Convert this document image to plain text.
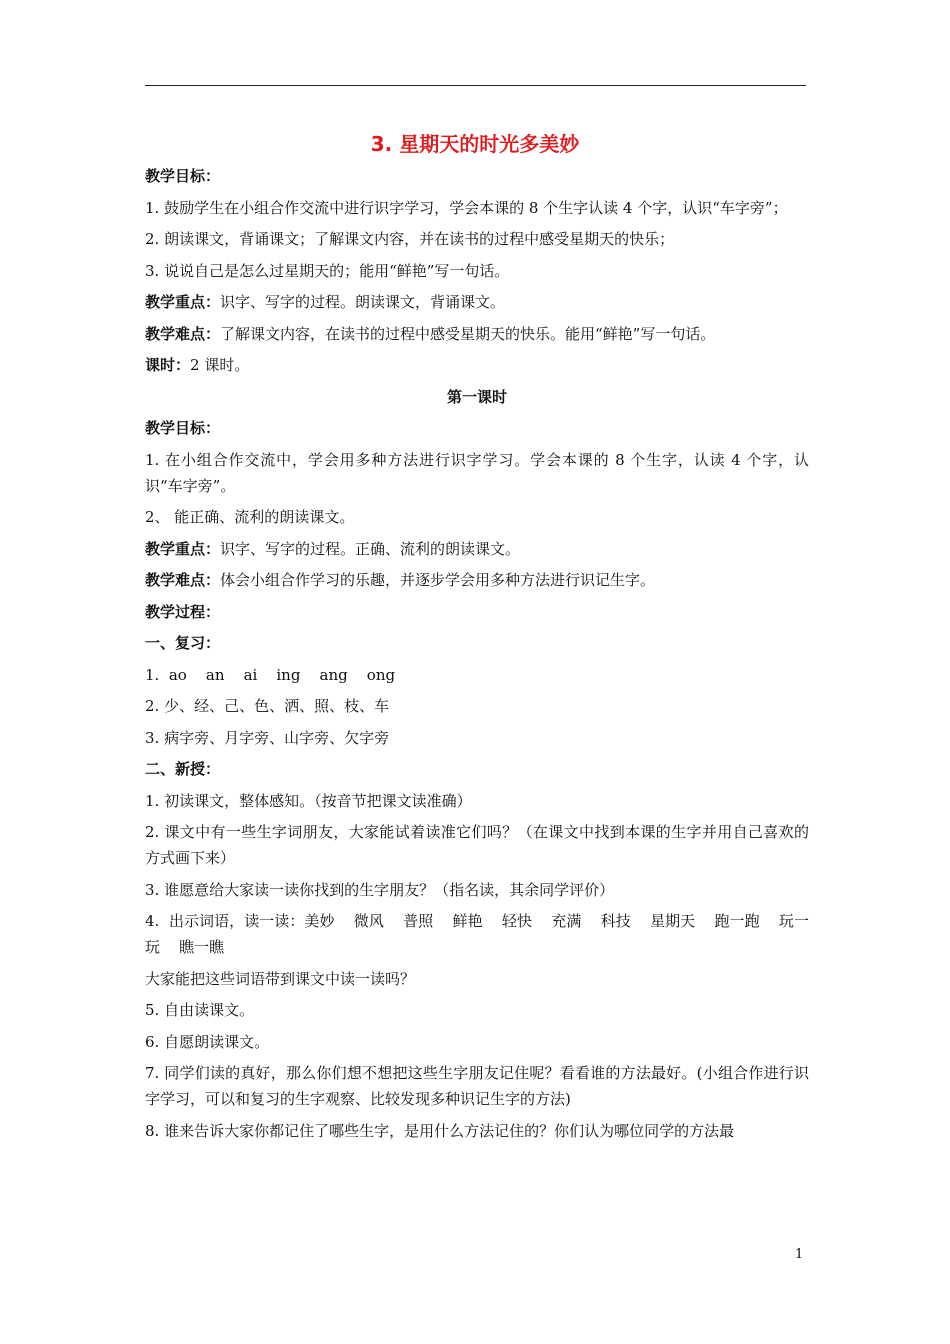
3. 星期天的时光多美妙

教学目标：

1. 鼓励学生在小组合作交流中进行识字学习，学会本课的 8 个生字认读 4 个字，认识“车字旁”；

2. 朗读课文，背诵课文；了解课文内容，并在读书的过程中感受星期天的快乐；

3. 说说自己是怎么过星期天的；能用“鲜艳”写一句话。

教学重点：识字、写字的过程。朗读课文，背诵课文。

教学难点：了解课文内容，在读书的过程中感受星期天的快乐。能用“鲜艳”写一句话。

课时：2 课时。

第一课时

教学目标：

1. 在小组合作交流中，学会用多种方法进行识字学习。学会本课的 8 个生字，认读 4 个字，认识“车字旁”。

2、 能正确、流利的朗读课文。

教学重点：识字、写字的过程。正确、流利的朗读课文。

教学难点：体会小组合作学习的乐趣，并逐步学会用多种方法进行识记生字。

教学过程：

一、复习：

1.  ao    an    ai    ing    ang    ong

2. 少、经、己、色、洒、照、枝、车

3. 病字旁、月字旁、山字旁、欠字旁

二、新授：

1. 初读课文，整体感知。（按音节把课文读准确）

2. 课文中有一些生字词朋友，大家能试着读准它们吗？（在课文中找到本课的生字并用自己喜欢的方式画下来）

3. 谁愿意给大家读一读你找到的生字朋友？（指名读，其余同学评价）

4.  出示词语，读一读：美妙    微风    普照    鲜艳    轻快    充满    科技    星期天    跑一跑    玩一玩    瞧一瞧

大家能把这些词语带到课文中读一读吗？

5. 自由读课文。

6. 自愿朗读课文。

7. 同学们读的真好，那么你们想不想把这些生字朋友记住呢？看看谁的方法最好。(小组合作进行识字学习，可以和复习的生字观察、比较发现多种识记生字的方法)

8. 谁来告诉大家你都记住了哪些生字，是用什么方法记住的？你们认为哪位同学的方法最

1
